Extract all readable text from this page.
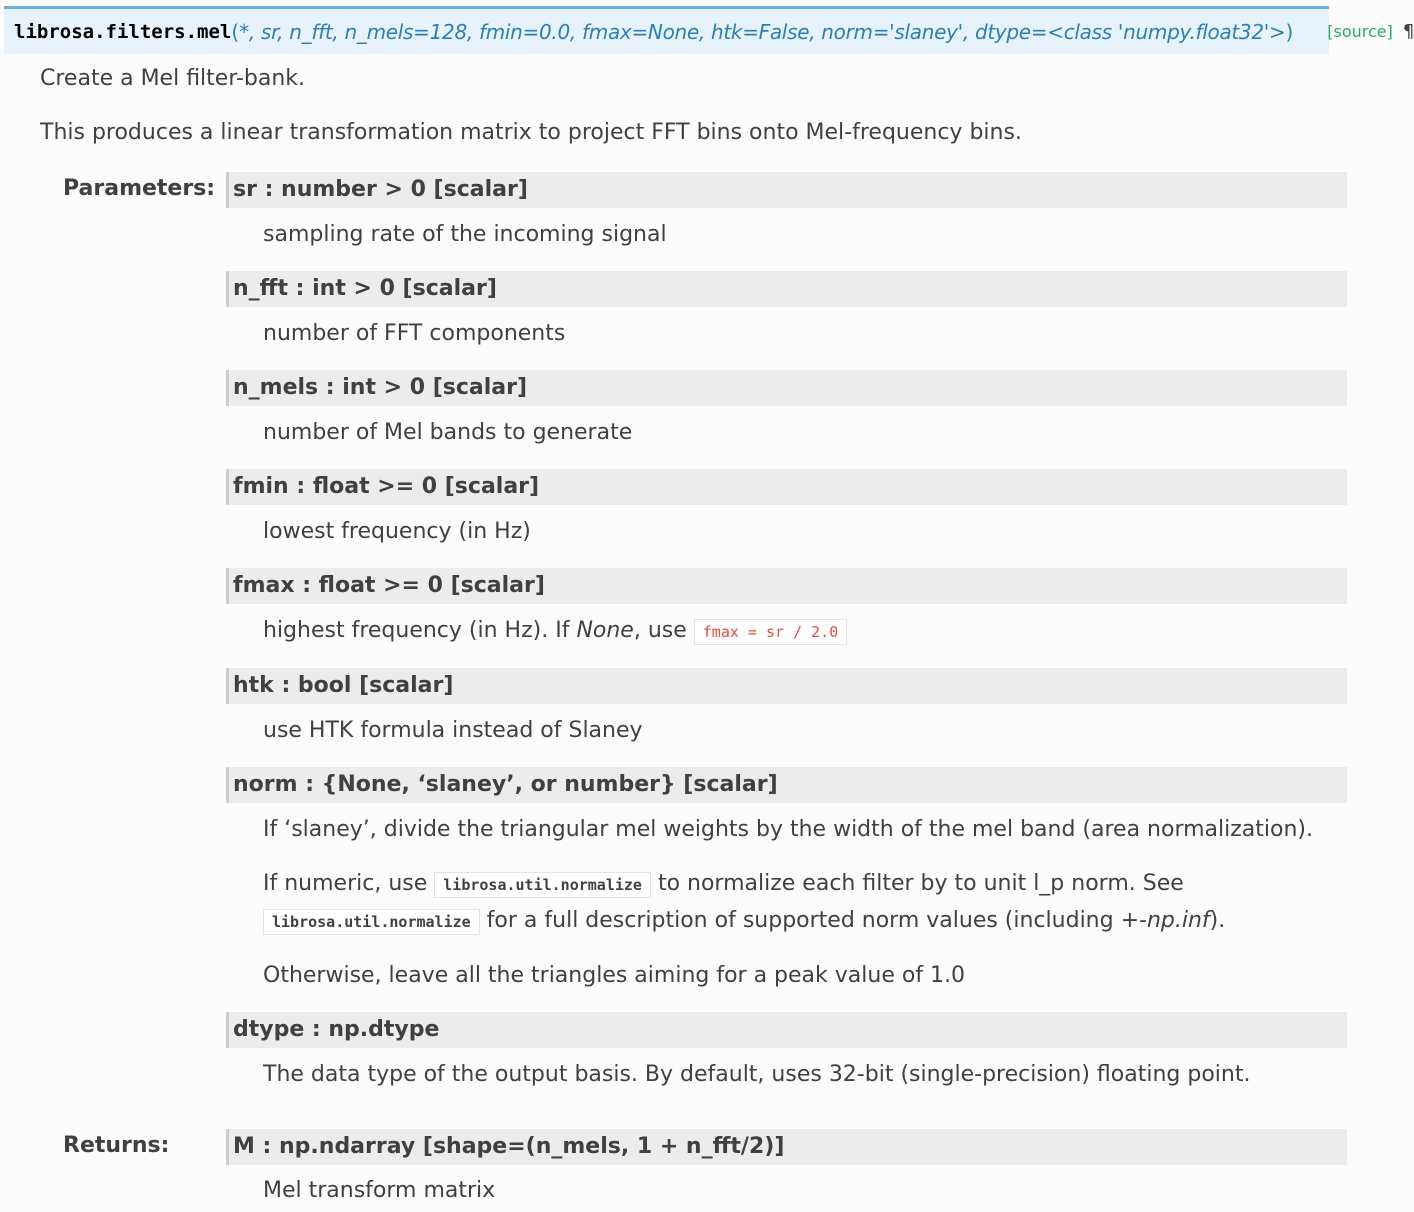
librosa.filters.mel ( *, sr, n_fft, n_mels=128, fmin=0.0, fmax=None, htk=False, norm='slaney', dtype=<class 'numpy.float32'> ) [source] ¶

Create a Mel filter-bank.

This produces a linear transformation matrix to project FFT bins onto Mel-frequency bins.

Parameters: sr : number > 0 [scalar]

sampling rate of the incoming signal

n_fft : int > 0 [scalar]

number of FFT components

n_mels : int > 0 [scalar]

number of Mel bands to generate

fmin : float >= 0 [scalar]

lowest frequency (in Hz)

fmax : float >= 0 [scalar]

highest frequency (in Hz). If None, use fmax = sr / 2.0

htk : bool [scalar]

use HTK formula instead of Slaney

norm : {None, ‘slaney’, or number} [scalar]

If ‘slaney’, divide the triangular mel weights by the width of the mel band (area normalization).

If numeric, use librosa.util.normalize to normalize each filter by to unit l_p norm. See

librosa.util.normalize for a full description of supported norm values (including +-np.inf).

Otherwise, leave all the triangles aiming for a peak value of 1.0

dtype : np.dtype

The data type of the output basis. By default, uses 32-bit (single-precision) floating point.

Returns:	M : np.ndarray [shape=(n_mels, 1 + n_fft/2)]

Mel transform matrix
